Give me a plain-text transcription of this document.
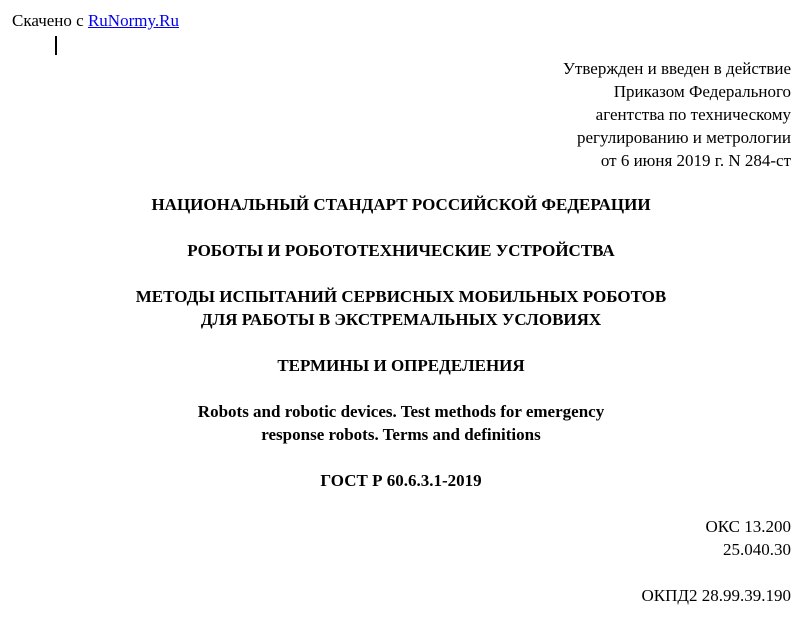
Скачено с RuNormy.Ru
Утвержден и введен в действие
Приказом Федерального
агентства по техническому
регулированию и метрологии
от 6 июня 2019 г. N 284-ст
НАЦИОНАЛЬНЫЙ СТАНДАРТ РОССИЙСКОЙ ФЕДЕРАЦИИ
РОБОТЫ И РОБОТОТЕХНИЧЕСКИЕ УСТРОЙСТВА
МЕТОДЫ ИСПЫТАНИЙ СЕРВИСНЫХ МОБИЛЬНЫХ РОБОТОВ
ДЛЯ РАБОТЫ В ЭКСТРЕМАЛЬНЫХ УСЛОВИЯХ
ТЕРМИНЫ И ОПРЕДЕЛЕНИЯ
Robots and robotic devices. Test methods for emergency
response robots. Terms and definitions
ГОСТ Р 60.6.3.1-2019
ОКС 13.200
25.040.30
ОКПД2 28.99.39.190
